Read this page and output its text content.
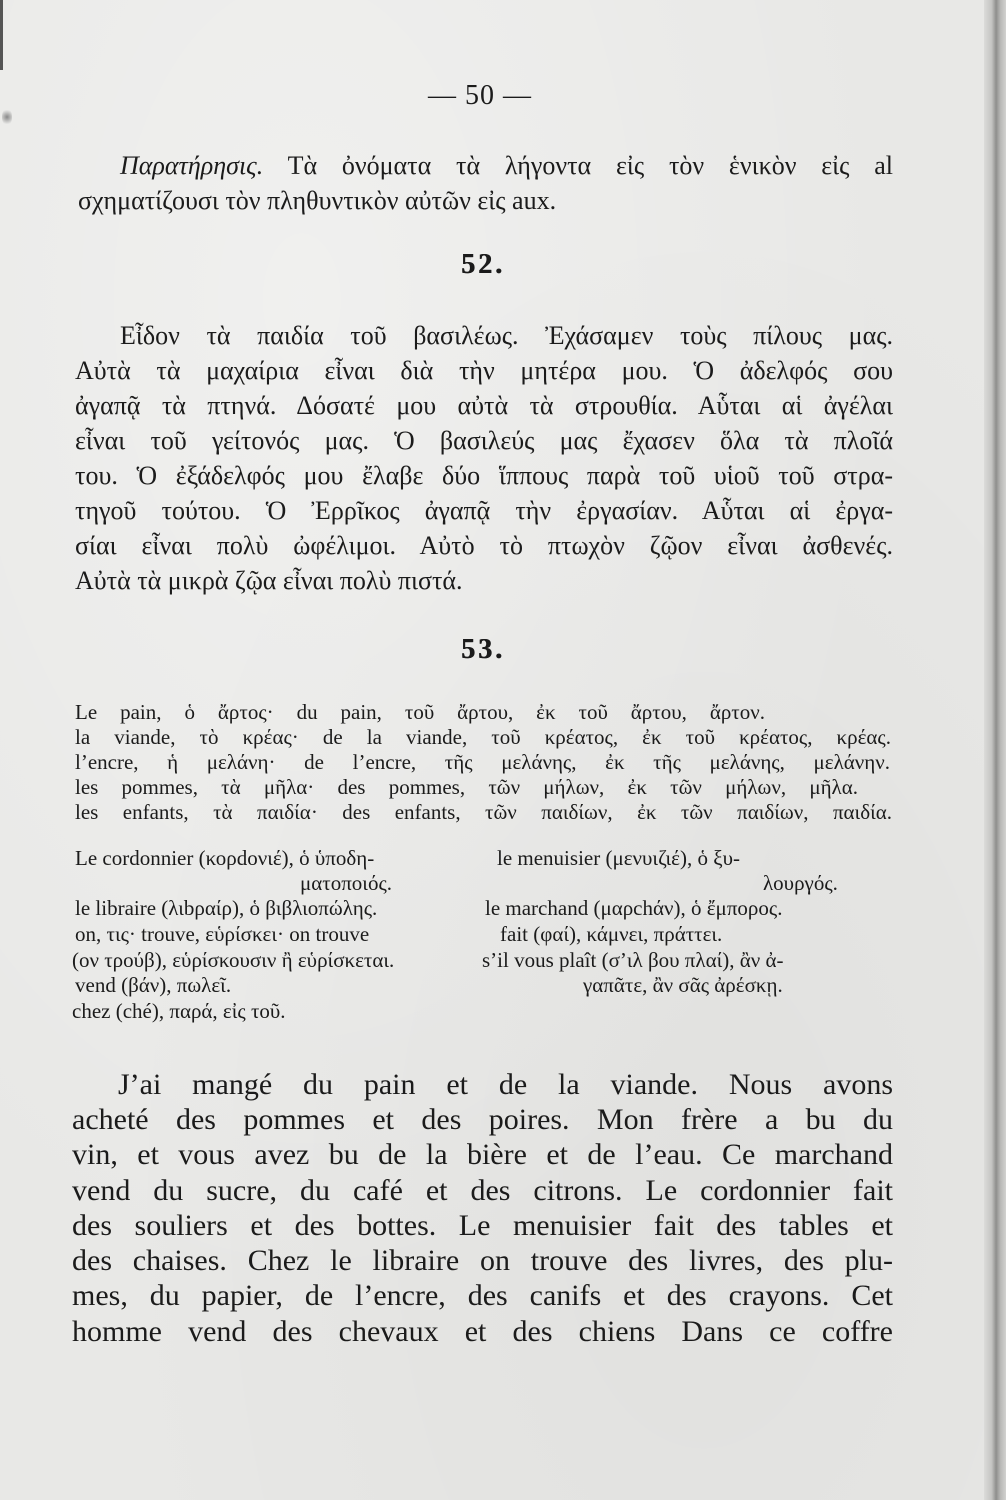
— 50 —
Παρατήρησις. Τὰ ὀνόματα τὰ λήγοντα εἰς τὸν ἑνικὸν εἰς al
σχηματίζουσι τὸν πληθυντικὸν αὐτῶν εἰς aux.
52.
Εἶδον τὰ παιδία τοῦ βασιλέως. Ἐχάσαμεν τοὺς πίλους μας.
Αὐτὰ τὰ μαχαίρια εἶναι διὰ τὴν μητέρα μου. Ὁ ἀδελφός σου
ἀγαπᾷ τὰ πτηνά. Δόσατέ μου αὐτὰ τὰ στρουθία. Αὗται αἱ ἀγέλαι
εἶναι τοῦ γείτονός μας. Ὁ βασιλεύς μας ἔχασεν ὅλα τὰ πλοῖά
του. Ὁ ἐξάδελφός μου ἔλαβε δύο ἵππους παρὰ τοῦ υἱοῦ τοῦ στρα-
τηγοῦ τούτου. Ὁ Ἐρρῖκος ἀγαπᾷ τὴν ἐργασίαν. Αὗται αἱ ἐργα-
σίαι εἶναι πολὺ ὠφέλιμοι. Αὐτὸ τὸ πτωχὸν ζῷον εἶναι ἀσθενές.
Αὐτὰ τὰ μικρὰ ζῷα εἶναι πολὺ πιστά.
53.
Le pain, ὁ ἄρτος· du pain, τοῦ ἄρτου, ἐκ τοῦ ἄρτου, ἄρτον.
la viande, τὸ κρέας· de la viande, τοῦ κρέατος, ἐκ τοῦ κρέατος, κρέας.
l’encre, ἡ μελάνη· de l’encre, τῆς μελάνης, ἐκ τῆς μελάνης, μελάνην.
les pommes, τὰ μῆλα· des pommes, τῶν μήλων, ἐκ τῶν μήλων, μῆλα.
les enfants, τὰ παιδία· des enfants, τῶν παιδίων, ἐκ τῶν παιδίων, παιδία.
Le cordonnier (κορdονιέ), ὁ ὑποδη-	le menuisier (μενυιζιέ), ὁ ξυ-
ματοποιός.	λουργός.
le libraire (λιbραίρ), ὁ βιβλιοπώλης.	le marchand (μαρchάν), ὁ ἔμπορος.
on, τις· trouve, εὑρίσκει· on trouve	fait (φαί), κάμνει, πράττει.
(ον τρούβ), εὑρίσκουσιν ἢ εὑρίσκεται.	s’il vous plaît (σ’ιλ βου πλαί), ἂν ἀ-
vend (βάν), πωλεῖ.	γαπᾶτε, ἂν σᾶς ἀρέσκῃ.
chez (ché), παρά, εἰς τοῦ.
J’ai mangé du pain et de la viande. Nous avons
acheté des pommes et des poires. Mon frère a bu du
vin, et vous avez bu de la bière et de l’eau. Ce marchand
vend du sucre, du café et des citrons. Le cordonnier fait
des souliers et des bottes. Le menuisier fait des tables et
des chaises. Chez le libraire on trouve des livres, des plu-
mes, du papier, de l’encre, des canifs et des crayons. Cet
homme vend des chevaux et des chiens Dans ce coffre
